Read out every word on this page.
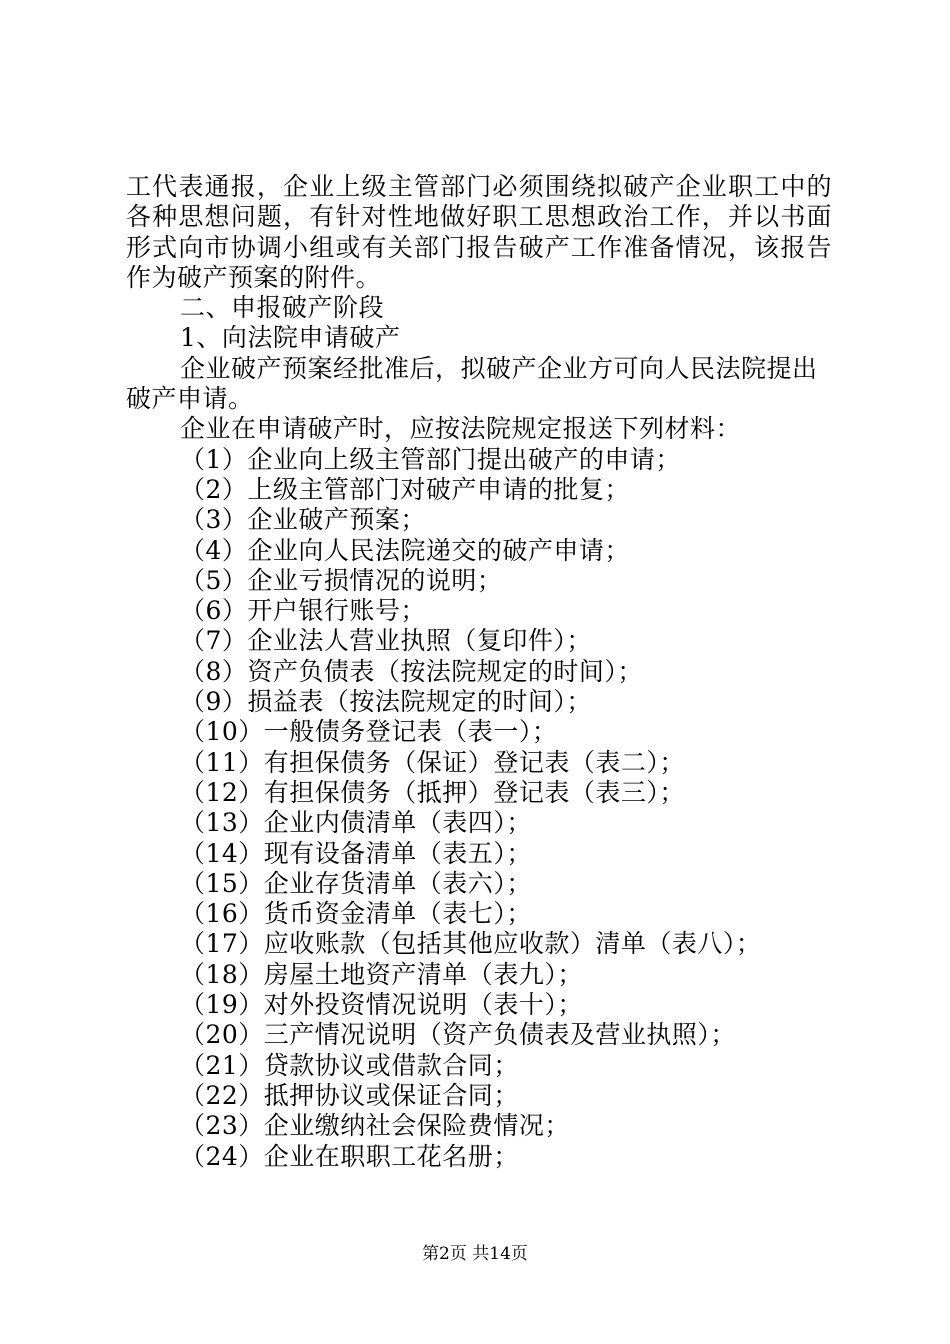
工代表通报，企业上级主管部门必须围绕拟破产企业职工中的
各种思想问题，有针对性地做好职工思想政治工作，并以书面
形式向市协调小组或有关部门报告破产工作准备情况，该报告
作为破产预案的附件。
二、申报破产阶段
1、向法院申请破产
企业破产预案经批准后，拟破产企业方可向人民法院提出
破产申请。
企业在申请破产时，应按法院规定报送下列材料：
（1）企业向上级主管部门提出破产的申请；
（2）上级主管部门对破产申请的批复；
（3）企业破产预案；
（4）企业向人民法院递交的破产申请；
（5）企业亏损情况的说明；
（6）开户银行账号；
（7）企业法人营业执照（复印件）；
（8）资产负债表（按法院规定的时间）；
（9）损益表（按法院规定的时间）；
（10）一般债务登记表（表一）；
（11）有担保债务（保证）登记表（表二）；
（12）有担保债务（抵押）登记表（表三）；
（13）企业内债清单（表四）；
（14）现有设备清单（表五）；
（15）企业存货清单（表六）；
（16）货币资金清单（表七）；
（17）应收账款（包括其他应收款）清单（表八）；
（18）房屋土地资产清单（表九）；
（19）对外投资情况说明（表十）；
（20）三产情况说明（资产负债表及营业执照）；
（21）贷款协议或借款合同；
（22）抵押协议或保证合同；
（23）企业缴纳社会保险费情况；
（24）企业在职职工花名册；
第2页 共14页
